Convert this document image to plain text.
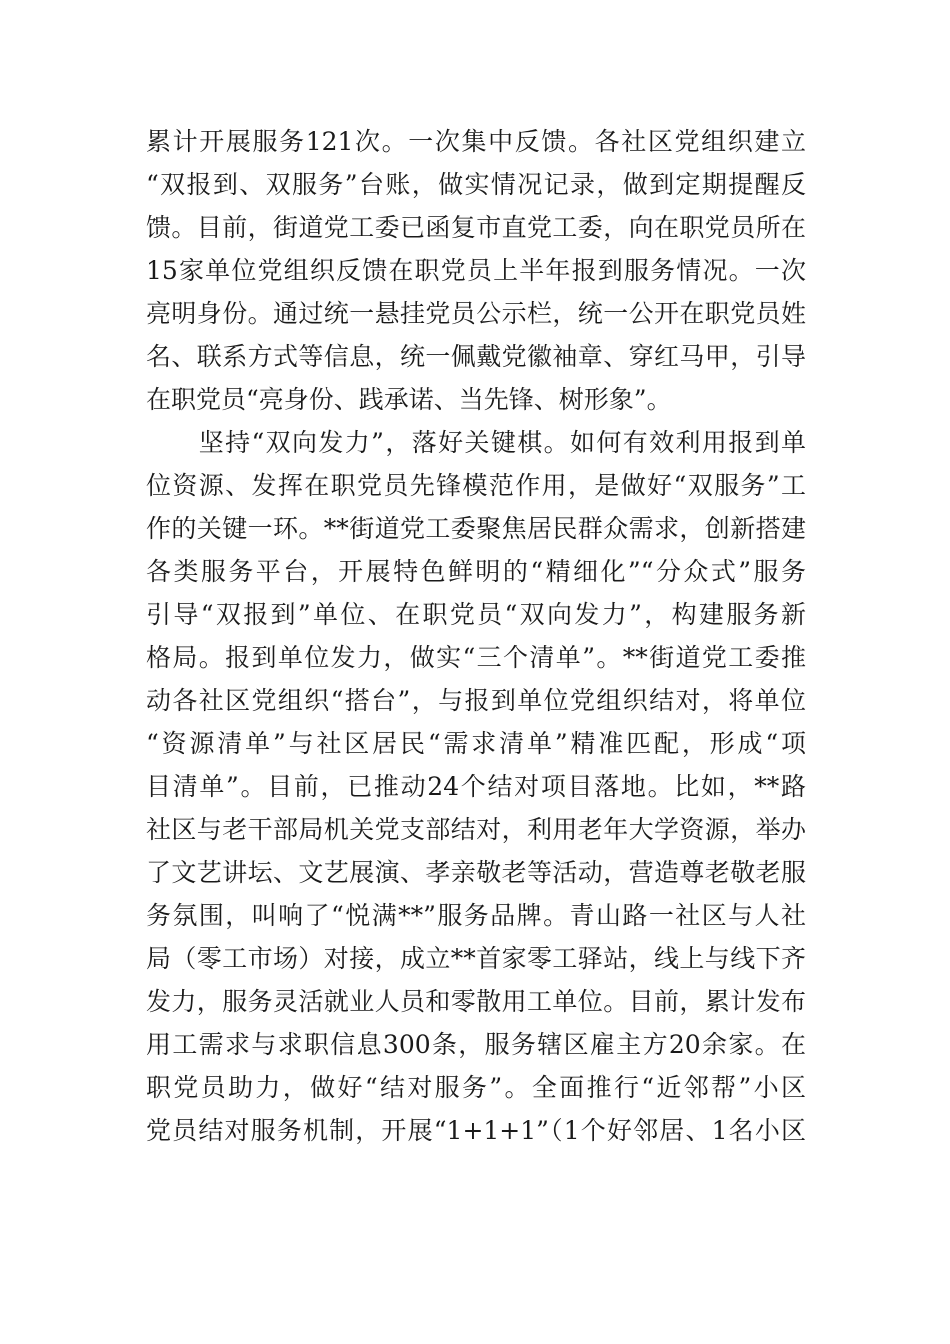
累计开展服务121次。一次集中反馈。各社区党组织建立
“双报到、双服务”台账，做实情况记录，做到定期提醒反
馈。目前，街道党工委已函复市直党工委，向在职党员所在
15家单位党组织反馈在职党员上半年报到服务情况。一次
亮明身份。通过统一悬挂党员公示栏，统一公开在职党员姓
名、联系方式等信息，统一佩戴党徽袖章、穿红马甲，引导
在职党员“亮身份、践承诺、当先锋、树形象”。
　　坚持“双向发力”，落好关键棋。如何有效利用报到单
位资源、发挥在职党员先锋模范作用，是做好“双服务”工
作的关键一环。**街道党工委聚焦居民群众需求，创新搭建
各类服务平台，开展特色鲜明的“精细化”“分众式”服务
引导“双报到”单位、在职党员“双向发力”，构建服务新
格局。报到单位发力，做实“三个清单”。**街道党工委推
动各社区党组织“搭台”，与报到单位党组织结对，将单位
“资源清单”与社区居民“需求清单”精准匹配，形成“项
目清单”。目前，已推动24个结对项目落地。比如，**路
社区与老干部局机关党支部结对，利用老年大学资源，举办
了文艺讲坛、文艺展演、孝亲敬老等活动，营造尊老敬老服
务氛围，叫响了“悦满**”服务品牌。青山路一社区与人社
局（零工市场）对接，成立**首家零工驿站，线上与线下齐
发力，服务灵活就业人员和零散用工单位。目前，累计发布
用工需求与求职信息300条，服务辖区雇主方20余家。在
职党员助力，做好“结对服务”。全面推行“近邻帮”小区
党员结对服务机制，开展“1+1+1”（1个好邻居、1名小区
